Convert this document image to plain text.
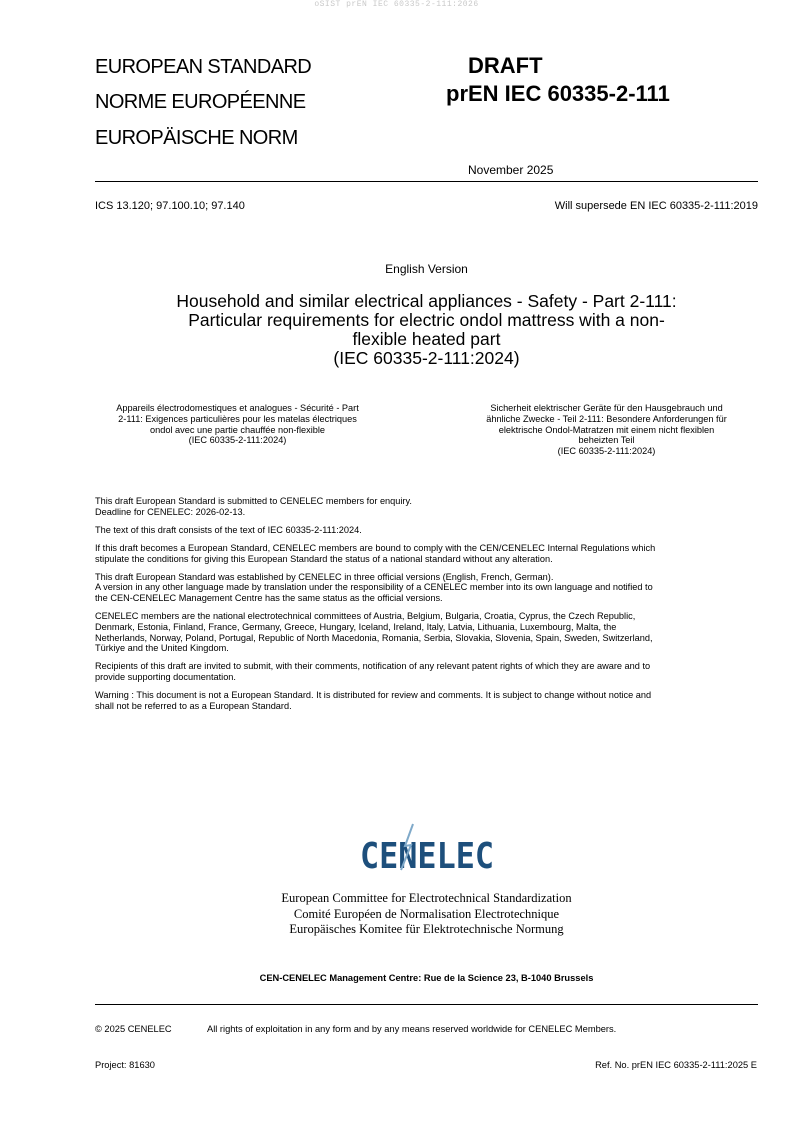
oSIST prEN IEC 60335-2-111:2026
EUROPEAN STANDARD
NORME EUROPÉENNE
EUROPÄISCHE NORM
DRAFT
prEN IEC 60335-2-111
November 2025
ICS 13.120; 97.100.10; 97.140	Will supersede EN IEC 60335-2-111:2019
English Version
Household and similar electrical appliances - Safety - Part 2-111:
Particular requirements for electric ondol mattress with a non-
flexible heated part
(IEC 60335-2-111:2024)
Appareils électrodomestiques et analogues - Sécurité - Part
2-111: Exigences particulières pour les matelas électriques
ondol avec une partie chauffée non-flexible
(IEC 60335-2-111:2024)
Sicherheit elektrischer Geräte für den Hausgebrauch und
ähnliche Zwecke - Teil 2-111: Besondere Anforderungen für
elektrische Ondol-Matratzen mit einem nicht flexiblen
beheizten Teil
(IEC 60335-2-111:2024)

This draft European Standard is submitted to CENELEC members for enquiry.
Deadline for CENELEC: 2026-02-13.

The text of this draft consists of the text of IEC 60335-2-111:2024.

If this draft becomes a European Standard, CENELEC members are bound to comply with the CEN/CENELEC Internal Regulations which
stipulate the conditions for giving this European Standard the status of a national standard without any alteration.

This draft European Standard was established by CENELEC in three official versions (English, French, German).
A version in any other language made by translation under the responsibility of a CENELEC member into its own language and notified to
the CEN-CENELEC Management Centre has the same status as the official versions.

CENELEC members are the national electrotechnical committees of Austria, Belgium, Bulgaria, Croatia, Cyprus, the Czech Republic,
Denmark, Estonia, Finland, France, Germany, Greece, Hungary, Iceland, Ireland, Italy, Latvia, Lithuania, Luxembourg, Malta, the
Netherlands, Norway, Poland, Portugal, Republic of North Macedonia, Romania, Serbia, Slovakia, Slovenia, Spain, Sweden, Switzerland,
Türkiye and the United Kingdom.

Recipients of this draft are invited to submit, with their comments, notification of any relevant patent rights of which they are aware and to
provide supporting documentation.

Warning : This document is not a European Standard. It is distributed for review and comments. It is subject to change without notice and
shall not be referred to as a European Standard.

CENELEC
European Committee for Electrotechnical Standardization
Comité Européen de Normalisation Electrotechnique
Europäisches Komitee für Elektrotechnische Normung
CEN-CENELEC Management Centre: Rue de la Science 23, B-1040 Brussels
© 2025 CENELEC	All rights of exploitation in any form and by any means reserved worldwide for CENELEC Members.
Project: 81630	Ref. No. prEN IEC 60335-2-111:2025 E
